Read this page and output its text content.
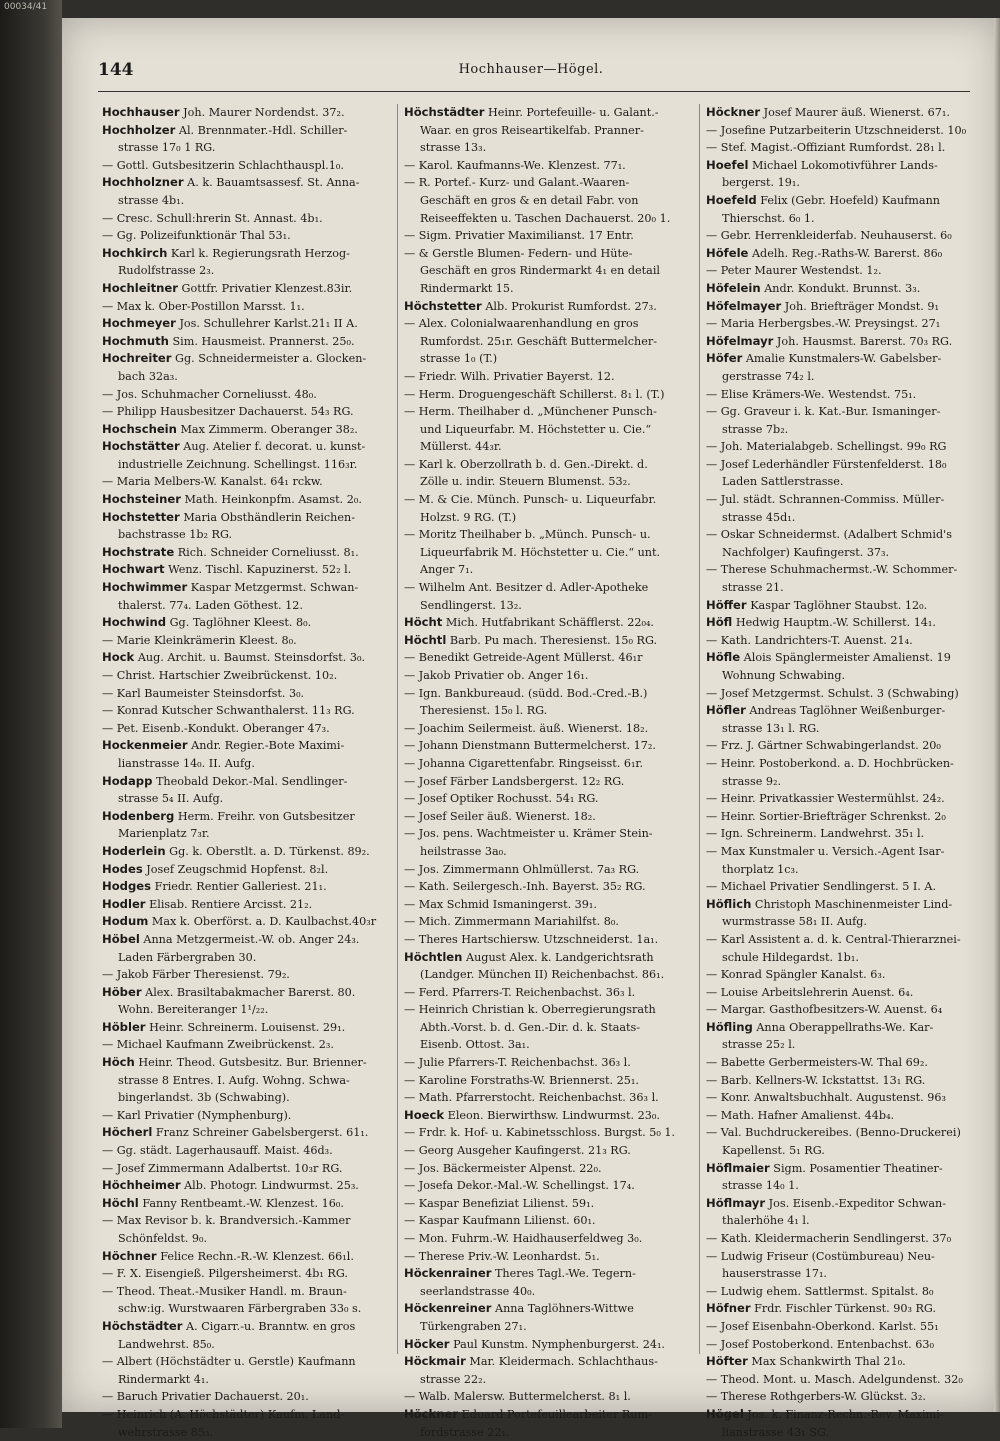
00034/41
144	Hochhauser—Högel.
Hochhauser Joh. Maurer Nordendst. 37₂.
Hochholzer Al. Brennmater.-Hdl. Schiller-
strasse 17₀ 1 RG.
— Gottl. Gutsbesitzerin Schlachthauspl.1₀.
Hochholzner A. k. Bauamtsassesf. St. Anna-
strasse 4b₁.
— Cresc. Schull:hrerin St. Annast. 4b₁.
— Gg. Polizeifunktionär Thal 53₁.
Hochkirch Karl k. Regierungsrath Herzog-
Rudolfstrasse 2₃.
Hochleitner Gottfr. Privatier Klenzest.83ir.
— Max k. Ober-Postillon Marsst. 1₁.
Hochmeyer Jos. Schullehrer Karlst.21₁ II A.
Hochmuth Sim. Hausmeist. Prannerst. 25₀.
Hochreiter Gg. Schneidermeister a. Glocken-
bach 32a₃.
— Jos. Schuhmacher Corneliusst. 48₀.
— Philipp Hausbesitzer Dachauerst. 54₃ RG.
Hochschein Max Zimmerm. Oberanger 38₂.
Hochstätter Aug. Atelier f. decorat. u. kunst-
industrielle Zeichnung. Schellingst. 116₃r.
— Maria Melbers-W. Kanalst. 64₁ rckw.
Hochsteiner Math. Heinkonpfm. Asamst. 2₀.
Hochstetter Maria Obsthändlerin Reichen-
bachstrasse 1b₂ RG.
Hochstrate Rich. Schneider Corneliusst. 8₁.
Hochwart Wenz. Tischl. Kapuzinerst. 52₂ l.
Hochwimmer Kaspar Metzgermst. Schwan-
thalerst. 77₄. Laden Göthest. 12.
Hochwind Gg. Taglöhner Kleest. 8₀.
— Marie Kleinkrämerin Kleest. 8₀.
Hock Aug. Archit. u. Baumst. Steinsdorfst. 3₀.
— Christ. Hartschier Zweibrückenst. 10₂.
— Karl Baumeister Steinsdorfst. 3₀.
— Konrad Kutscher Schwanthalerst. 11₃ RG.
— Pet. Eisenb.-Kondukt. Oberanger 47₃.
Hockenmeier Andr. Regier.-Bote Maximi-
lianstrasse 14₀. II. Aufg.
Hodapp Theobald Dekor.-Mal. Sendlinger-
strasse 5₄ II. Aufg.
Hodenberg Herm. Freihr. von Gutsbesitzer
Marienplatz 7₃r.
Hoderlein Gg. k. Oberstlt. a. D. Türkenst. 89₂.
Hodes Josef Zeugschmid Hopfenst. 8₂l.
Hodges Friedr. Rentier Galleriest. 21₁.
Hodler Elisab. Rentiere Arcisst. 21₂.
Hodum Max k. Oberförst. a. D. Kaulbachst.40₃r
Höbel Anna Metzgermeist.-W. ob. Anger 24₃.
Laden Färbergraben 30.
— Jakob Färber Theresienst. 79₂.
Höber Alex. Brasiltabakmacher Barerst. 80.
Wohn. Bereiteranger 1¹/₂₂.
Höbler Heinr. Schreinerm. Louisenst. 29₁.
— Michael Kaufmann Zweibrückenst. 2₃.
Höch Heinr. Theod. Gutsbesitz. Bur. Brienner-
strasse 8 Entres. I. Aufg. Wohng. Schwa-
bingerlandst. 3b (Schwabing).
— Karl Privatier (Nymphenburg).
Höcherl Franz Schreiner Gabelsbergerst. 61₁.
— Gg. städt. Lagerhausauff. Maist. 46d₃.
— Josef Zimmermann Adalbertst. 10₃r RG.
Höchheimer Alb. Photogr. Lindwurmst. 25₃.
Höchl Fanny Rentbeamt.-W. Klenzest. 16₀.
— Max Revisor b. k. Brandversich.-Kammer
Schönfeldst. 9₀.
Höchner Felice Rechn.-R.-W. Klenzest. 66₁l.
— F. X. Eisengieß. Pilgersheimerst. 4b₁ RG.
— Theod. Theat.-Musiker Handl. m. Braun-
schw:ig. Wurstwaaren Färbergraben 33₀ s.
Höchstädter A. Cigarr.-u. Branntw. en gros
Landwehrst. 85₀.
— Albert (Höchstädter u. Gerstle) Kaufmann
Rindermarkt 4₁.
— Baruch Privatier Dachauerst. 20₁.
— Heinrich (A. Höchstädter) Kaufm. Land-
wehrstrasse 85₃.
Höchstädter Heinr. Portefeuille- u. Galant.-
Waar. en gros Reiseartikelfab. Pranner-
strasse 13₃.
— Karol. Kaufmanns-We. Klenzest. 77₁.
— R. Portef.- Kurz- und Galant.-Waaren-
Geschäft en gros & en detail Fabr. von
Reiseeffekten u. Taschen Dachauerst. 20₀ 1.
— Sigm. Privatier Maximilianst. 17 Entr.
— & Gerstle Blumen- Federn- und Hüte-
Geschäft en gros Rindermarkt 4₁ en detail
Rindermarkt 15.
Höchstetter Alb. Prokurist Rumfordst. 27₃.
— Alex. Colonialwaarenhandlung en gros
Rumfordst. 25₁r. Geschäft Buttermelcher-
strasse 1₀ (T.)
— Friedr. Wilh. Privatier Bayerst. 12.
— Herm. Droguengeschäft Schillerst. 8₁ l. (T.)
— Herm. Theilhaber d. „Münchener Punsch-
und Liqueurfabr. M. Höchstetter u. Cie.“
Müllerst. 44₃r.
— Karl k. Oberzollrath b. d. Gen.-Direkt. d.
Zölle u. indir. Steuern Blumenst. 53₂.
— M. & Cie. Münch. Punsch- u. Liqueurfabr.
Holzst. 9 RG. (T.)
— Moritz Theilhaber b. „Münch. Punsch- u.
Liqueurfabrik M. Höchstetter u. Cie.“ unt.
Anger 7₁.
— Wilhelm Ant. Besitzer d. Adler-Apotheke
Sendlingerst. 13₂.
Höcht Mich. Hutfabrikant Schäfflerst. 22₀₄.
Höchtl Barb. Pu mach. Theresienst. 15₀ RG.
— Benedikt Getreide-Agent Müllerst. 46₁r
— Jakob Privatier ob. Anger 16₁.
— Ign. Bankbureaud. (südd. Bod.-Cred.-B.)
Theresienst. 15₀ l. RG.
— Joachim Seilermeist. äuß. Wienerst. 18₂.
— Johann Dienstmann Buttermelcherst. 17₂.
— Johanna Cigarettenfabr. Ringseisst. 6₁r.
— Josef Färber Landsbergerst. 12₂ RG.
— Josef Optiker Rochusst. 54₁ RG.
— Josef Seiler äuß. Wienerst. 18₂.
— Jos. pens. Wachtmeister u. Krämer Stein-
heilstrasse 3a₀.
— Jos. Zimmermann Ohlmüllerst. 7a₃ RG.
— Kath. Seilergesch.-Inh. Bayerst. 35₂ RG.
— Max Schmid Ismaningerst. 39₁.
— Mich. Zimmermann Mariahilfst. 8₀.
— Theres Hartschiersw. Utzschneiderst. 1a₁.
Höchtlen August Alex. k. Landgerichtsrath
(Landger. München II) Reichenbachst. 86₁.
— Ferd. Pfarrers-T. Reichenbachst. 36₃ l.
— Heinrich Christian k. Oberregierungsrath
Abth.-Vorst. b. d. Gen.-Dir. d. k. Staats-
Eisenb. Ottost. 3a₁.
— Julie Pfarrers-T. Reichenbachst. 36₃ l.
— Karoline Forstraths-W. Briennerst. 25₁.
— Math. Pfarrerstocht. Reichenbachst. 36₃ l.
Hoeck Eleon. Bierwirthsw. Lindwurmst. 23₀.
— Frdr. k. Hof- u. Kabinetsschloss. Burgst. 5₀ 1.
— Georg Ausgeher Kaufingerst. 21₃ RG.
— Jos. Bäckermeister Alpenst. 22₀.
— Josefa Dekor.-Mal.-W. Schellingst. 17₄.
— Kaspar Benefiziat Lilienst. 59₁.
— Kaspar Kaufmann Lilienst. 60₁.
— Mon. Fuhrm.-W. Haidhauserfeldweg 3₀.
— Therese Priv.-W. Leonhardst. 5₁.
Höckenrainer Theres Tagl.-We. Tegern-
seerlandstrasse 40₀.
Höckenreiner Anna Taglöhners-Wittwe
Türkengraben 27₁.
Höcker Paul Kunstm. Nymphenburgerst. 24₁.
Höckmair Mar. Kleidermach. Schlachthaus-
strasse 22₂.
— Walb. Malersw. Buttermelcherst. 8₁ l.
Höckner Eduard Portefeuillearbeiter Rum-
fordstrasse 22₁.
Höckner Josef Maurer äuß. Wienerst. 67₁.
— Josefine Putzarbeiterin Utzschneiderst. 10₀
— Stef. Magist.-Offiziant Rumfordst. 28₁ l.
Hoefel Michael Lokomotivführer Lands-
bergerst. 19₁.
Hoefeld Felix (Gebr. Hoefeld) Kaufmann
Thierschst. 6₀ 1.
— Gebr. Herrenkleiderfab. Neuhauserst. 6₀
Höfele Adelh. Reg.-Raths-W. Barerst. 86₀
— Peter Maurer Westendst. 1₂.
Höfelein Andr. Kondukt. Brunnst. 3₃.
Höfelmayer Joh. Briefträger Mondst. 9₁
— Maria Herbergsbes.-W. Preysingst. 27₁
Höfelmayr Joh. Hausmst. Barerst. 70₃ RG.
Höfer Amalie Kunstmalers-W. Gabelsber-
gerstrasse 74₂ l.
— Elise Krämers-We. Westendst. 75₁.
— Gg. Graveur i. k. Kat.-Bur. Ismaninger-
strasse 7b₂.
— Joh. Materialabgeb. Schellingst. 99₀ RG
— Josef Lederhändler Fürstenfelderst. 18₀
Laden Sattlerstrasse.
— Jul. städt. Schrannen-Commiss. Müller-
strasse 45d₁.
— Oskar Schneidermst. (Adalbert Schmid's
Nachfolger) Kaufingerst. 37₃.
— Therese Schuhmachermst.-W. Schommer-
strasse 21.
Höffer Kaspar Taglöhner Staubst. 12₀.
Höfl Hedwig Hauptm.-W. Schillerst. 14₁.
— Kath. Landrichters-T. Auenst. 21₄.
Höfle Alois Spänglermeister Amalienst. 19
Wohnung Schwabing.
— Josef Metzgermst. Schulst. 3 (Schwabing)
Höfler Andreas Taglöhner Weißenburger-
strasse 13₁ l. RG.
— Frz. J. Gärtner Schwabingerlandst. 20₀
— Heinr. Postoberkond. a. D. Hochbrücken-
strasse 9₂.
— Heinr. Privatkassier Westermühlst. 24₂.
— Heinr. Sortier-Briefträger Schrenkst. 2₀
— Ign. Schreinerm. Landwehrst. 35₁ l.
— Max Kunstmaler u. Versich.-Agent Isar-
thorplatz 1c₃.
— Michael Privatier Sendlingerst. 5 I. A.
Höflich Christoph Maschinenmeister Lind-
wurmstrasse 58₁ II. Aufg.
— Karl Assistent a. d. k. Central-Thierarznei-
schule Hildegardst. 1b₁.
— Konrad Spängler Kanalst. 6₃.
— Louise Arbeitslehrerin Auenst. 6₄.
— Margar. Gasthofbesitzers-W. Auenst. 6₄
Höfling Anna Oberappellraths-We. Kar-
strasse 25₂ l.
— Babette Gerbermeisters-W. Thal 69₂.
— Barb. Kellners-W. Ickstattst. 13₁ RG.
— Konr. Anwaltsbuchhalt. Augustenst. 96₃
— Math. Hafner Amalienst. 44b₄.
— Val. Buchdruckereibes. (Benno-Druckerei)
Kapellenst. 5₁ RG.
Höflmaier Sigm. Posamentier Theatiner-
strasse 14₀ 1.
Höflmayr Jos. Eisenb.-Expeditor Schwan-
thalerhöhe 4₁ l.
— Kath. Kleidermacherin Sendlingerst. 37₀
— Ludwig Friseur (Costümbureau) Neu-
hauserstrasse 17₁.
— Ludwig ehem. Sattlermst. Spitalst. 8₀
Höfner Frdr. Fischler Türkenst. 90₃ RG.
— Josef Eisenbahn-Oberkond. Karlst. 55₁
— Josef Postoberkond. Entenbachst. 63₀
Höfter Max Schankwirth Thal 21₀.
— Theod. Mont. u. Masch. Adelgundenst. 32₀
— Therese Rothgerbers-W. Glückst. 3₂.
Högel Jos. k. Finanz-Rechn.-Rev. Maximi-
lianstrasse 43₁ SG.
